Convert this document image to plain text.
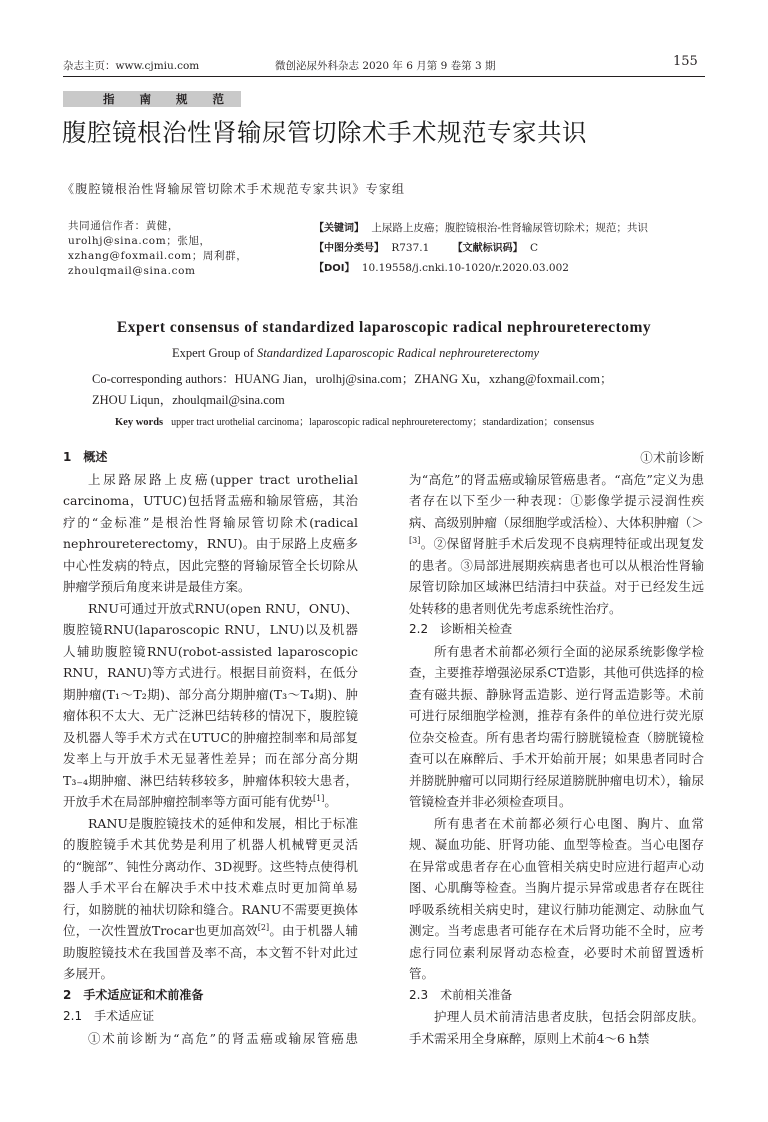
杂志主页：www.cjmiu.com	微创泌尿外科杂志 2020 年 6 月第 9 卷第 3 期	155
指 南 规 范
腹腔镜根治性肾输尿管切除术手术规范专家共识
《腹腔镜根治性肾输尿管切除术手术规范专家共识》专家组
共同通信作者：黄健，urolhj@sina.com；张旭，xzhang@foxmail.com；周利群，zhoulqmail@sina.com
【关键词】 上尿路上皮癌；腹腔镜根治-性肾输尿管切除术；规范；共识
【中图分类号】 R737.1 【文献标识码】 C
【DOI】 10.19558/j.cnki.10-1020/r.2020.03.002
Expert consensus of standardized laparoscopic radical nephroureterectomy
Expert Group of Standardized Laparoscopic Radical nephroureterectomy
Co-corresponding authors：HUANG Jian，urolhj@sina.com；ZHANG Xu，xzhang@foxmail.com；
ZHOU Liqun，zhoulqmail@sina.com
Key words upper tract urothelial carcinoma；laparoscopic radical nephroureterectomy；standardization；consensus

1　概述

上尿路尿路上皮癌(upper tract urothelial carcinoma，UTUC)包括肾盂癌和输尿管癌，其治疗的“金标准”是根治性肾输尿管切除术(radical nephroureterectomy，RNU)。由于尿路上皮癌多中心性发病的特点，因此完整的肾输尿管全长切除从肿瘤学预后角度来讲是最佳方案。

RNU可通过开放式RNU(open RNU，ONU)、腹腔镜RNU(laparoscopic RNU，LNU)以及机器人辅助腹腔镜RNU(robot-assisted laparoscopic RNU，RANU)等方式进行。根据目前资料，在低分期肿瘤(T₁～T₂期)、部分高分期肿瘤(T₃～T₄期)、肿瘤体积不太大、无广泛淋巴结转移的情况下，腹腔镜及机器人等手术方式在UTUC的肿瘤控制率和局部复发率上与开放手术无显著性差异；而在部分高分期T₃₋₄期肿瘤、淋巴结转移较多，肿瘤体积较大患者，开放手术在局部肿瘤控制率等方面可能有优势[1]。

RANU是腹腔镜技术的延伸和发展，相比于标准的腹腔镜手术其优势是利用了机器人机械臂更灵活的“腕部”、钝性分离动作、3D视野。这些特点使得机器人手术平台在解决手术中技术难点时更加简单易行，如膀胱的袖状切除和缝合。RANU不需要更换体位，一次性置放Trocar也更加高效[2]。由于机器人辅助腹腔镜技术在我国普及率不高，本文暂不针对此过多展开。

2　手术适应证和术前准备

2.1　手术适应证

①术前诊断为“高危”的肾盂癌或输尿管癌患

①术前诊断为“高危”的肾盂癌或输尿管癌患者。“高危”定义为患者存在以下至少一种表现：①影像学提示浸润性疾病、高级别肿瘤（尿细胞学或活检）、大体积肿瘤（＞

[3]。②保留肾脏手术后发现不良病理特征或出现复发的患者。③局部进展期疾病患者也可以从根治性肾输尿管切除加区域淋巴结清扫中获益。对于已经发生远处转移的患者则优先考虑系统性治疗。

2.2　诊断相关检查

所有患者术前都必须行全面的泌尿系统影像学检查，主要推荐增强泌尿系CT造影，其他可供选择的检查有磁共振、静脉肾盂造影、逆行肾盂造影等。术前可进行尿细胞学检测，推荐有条件的单位进行荧光原位杂交检查。所有患者均需行膀胱镜检查（膀胱镜检查可以在麻醉后、手术开始前开展；如果患者同时合并膀胱肿瘤可以同期行经尿道膀胱肿瘤电切术），输尿管镜检查并非必须检查项目。

所有患者在术前都必须行心电图、胸片、血常规、凝血功能、肝肾功能、血型等检查。当心电图存在异常或患者存在心血管相关病史时应进行超声心动图、心肌酶等检查。当胸片提示异常或患者存在既往呼吸系统相关病史时，建议行肺功能测定、动脉血气测定。当考虑患者可能存在术后肾功能不全时，应考虑行同位素利尿肾动态检查，必要时术前留置透析管。

2.3　术前相关准备

护理人员术前清洁患者皮肤，包括会阴部皮肤。手术需采用全身麻醉，原则上术前4～6 h禁
